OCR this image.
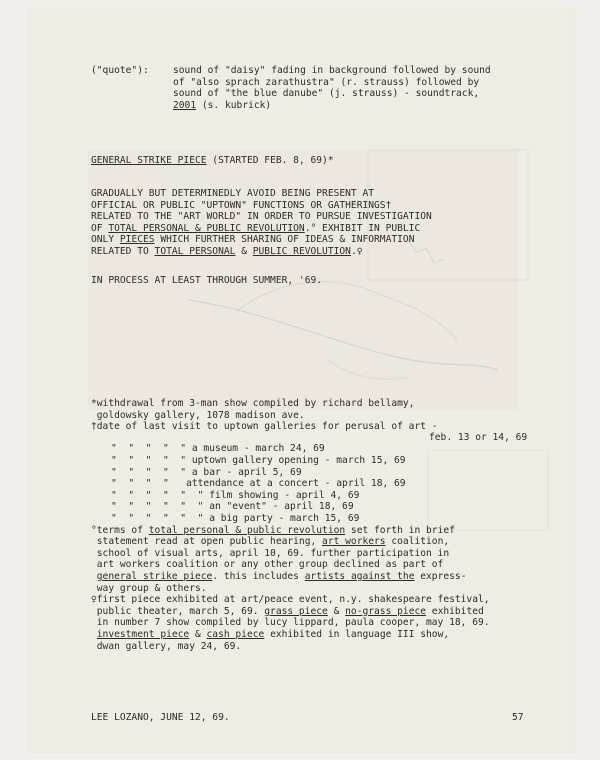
("quote"):	sound of "daisy" fading in background followed by sound
of "also sprach zarathustra" (r. strauss) followed by
sound of "the blue danube" (j. strauss) - soundtrack,
2001 (s. kubrick)
GENERAL STRIKE PIECE (STARTED FEB. 8, 69)*
GRADUALLY BUT DETERMINEDLY AVOID BEING PRESENT AT
OFFICIAL OR PUBLIC "UPTOWN" FUNCTIONS OR GATHERINGS†
RELATED TO THE "ART WORLD" IN ORDER TO PURSUE INVESTIGATION
OF TOTAL PERSONAL & PUBLIC REVOLUTION.° EXHIBIT IN PUBLIC
ONLY PIECES WHICH FURTHER SHARING OF IDEAS & INFORMATION
RELATED TO TOTAL PERSONAL & PUBLIC REVOLUTION.♀
IN PROCESS AT LEAST THROUGH SUMMER, '69.
*withdrawal from 3-man show compiled by richard bellamy,
goldowsky gallery, 1078 madison ave.
†date of last visit to uptown galleries for perusal of art -
feb. 13 or 14, 69
"  "  "  "  " a museum - march 24, 69
"  "  "  "  " uptown gallery opening - march 15, 69
"  "  "  "  " a bar - april 5, 69
"  "  "  "   attendance at a concert - april 18, 69
"  "  "  "  "  " film showing - april 4, 69
"  "  "  "  "  " an "event" - april 18, 69
"  "  "  "  "  " a big party - march 15, 69
°terms of total personal & public revolution set forth in brief
statement read at open public hearing, art workers coalition,
school of visual arts, april 10, 69. further participation in
art workers coalition or any other group declined as part of
general strike piece. this includes artists against the express-
way group & others.
♀first piece exhibited at art/peace event, n.y. shakespeare festival,
public theater, march 5, 69. grass piece & no-grass piece exhibited
in number 7 show compiled by lucy lippard, paula cooper, may 18, 69.
investment piece & cash piece exhibited in language III show,
dwan gallery, may 24, 69.
LEE LOZANO, JUNE 12, 69.	57
